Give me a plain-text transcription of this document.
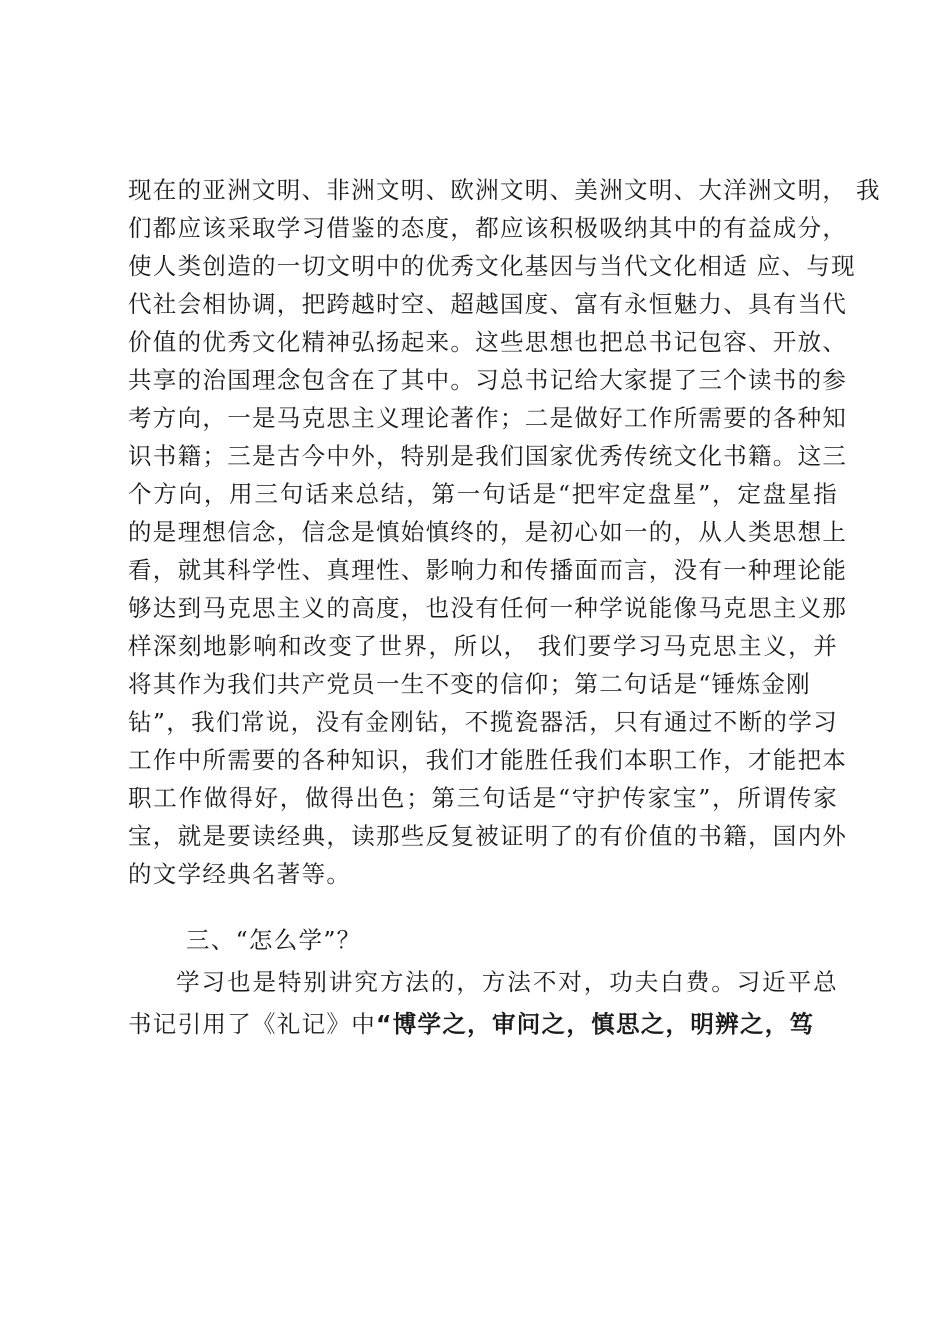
现在的亚洲文明、非洲文明、欧洲文明、美洲文明、大洋洲文明， 我
们都应该采取学习借鉴的态度，都应该积极吸纳其中的有益成分，
使人类创造的一切文明中的优秀文化基因与当代文化相适 应、与现
代社会相协调，把跨越时空、超越国度、富有永恒魅力、具有当代
价值的优秀文化精神弘扬起来。这些思想也把总书记包容、开放、
共享的治国理念包含在了其中。习总书记给大家提了三个读书的参
考方向，一是马克思主义理论著作；二是做好工作所需要的各种知
识书籍；三是古今中外，特别是我们国家优秀传统文化书籍。这三
个方向，用三句话来总结，第一句话是“把牢定盘星”，定盘星指
的是理想信念，信念是慎始慎终的，是初心如一的，从人类思想上
看，就其科学性、真理性、影响力和传播面而言，没有一种理论能
够达到马克思主义的高度，也没有任何一种学说能像马克思主义那
样深刻地影响和改变了世界，所以， 我们要学习马克思主义，并
将其作为我们共产党员一生不变的信仰；第二句话是“锤炼金刚
钻”，我们常说，没有金刚钻，不揽瓷器活，只有通过不断的学习
工作中所需要的各种知识，我们才能胜任我们本职工作，才能把本
职工作做得好，做得出色；第三句话是“守护传家宝”，所谓传家
宝，就是要读经典，读那些反复被证明了的有价值的书籍，国内外
的文学经典名著等。
三、“怎么学”？
学习也是特别讲究方法的，方法不对，功夫白费。习近平总
书记引用了《礼记》中“博学之，审问之，慎思之，明辨之，笃
